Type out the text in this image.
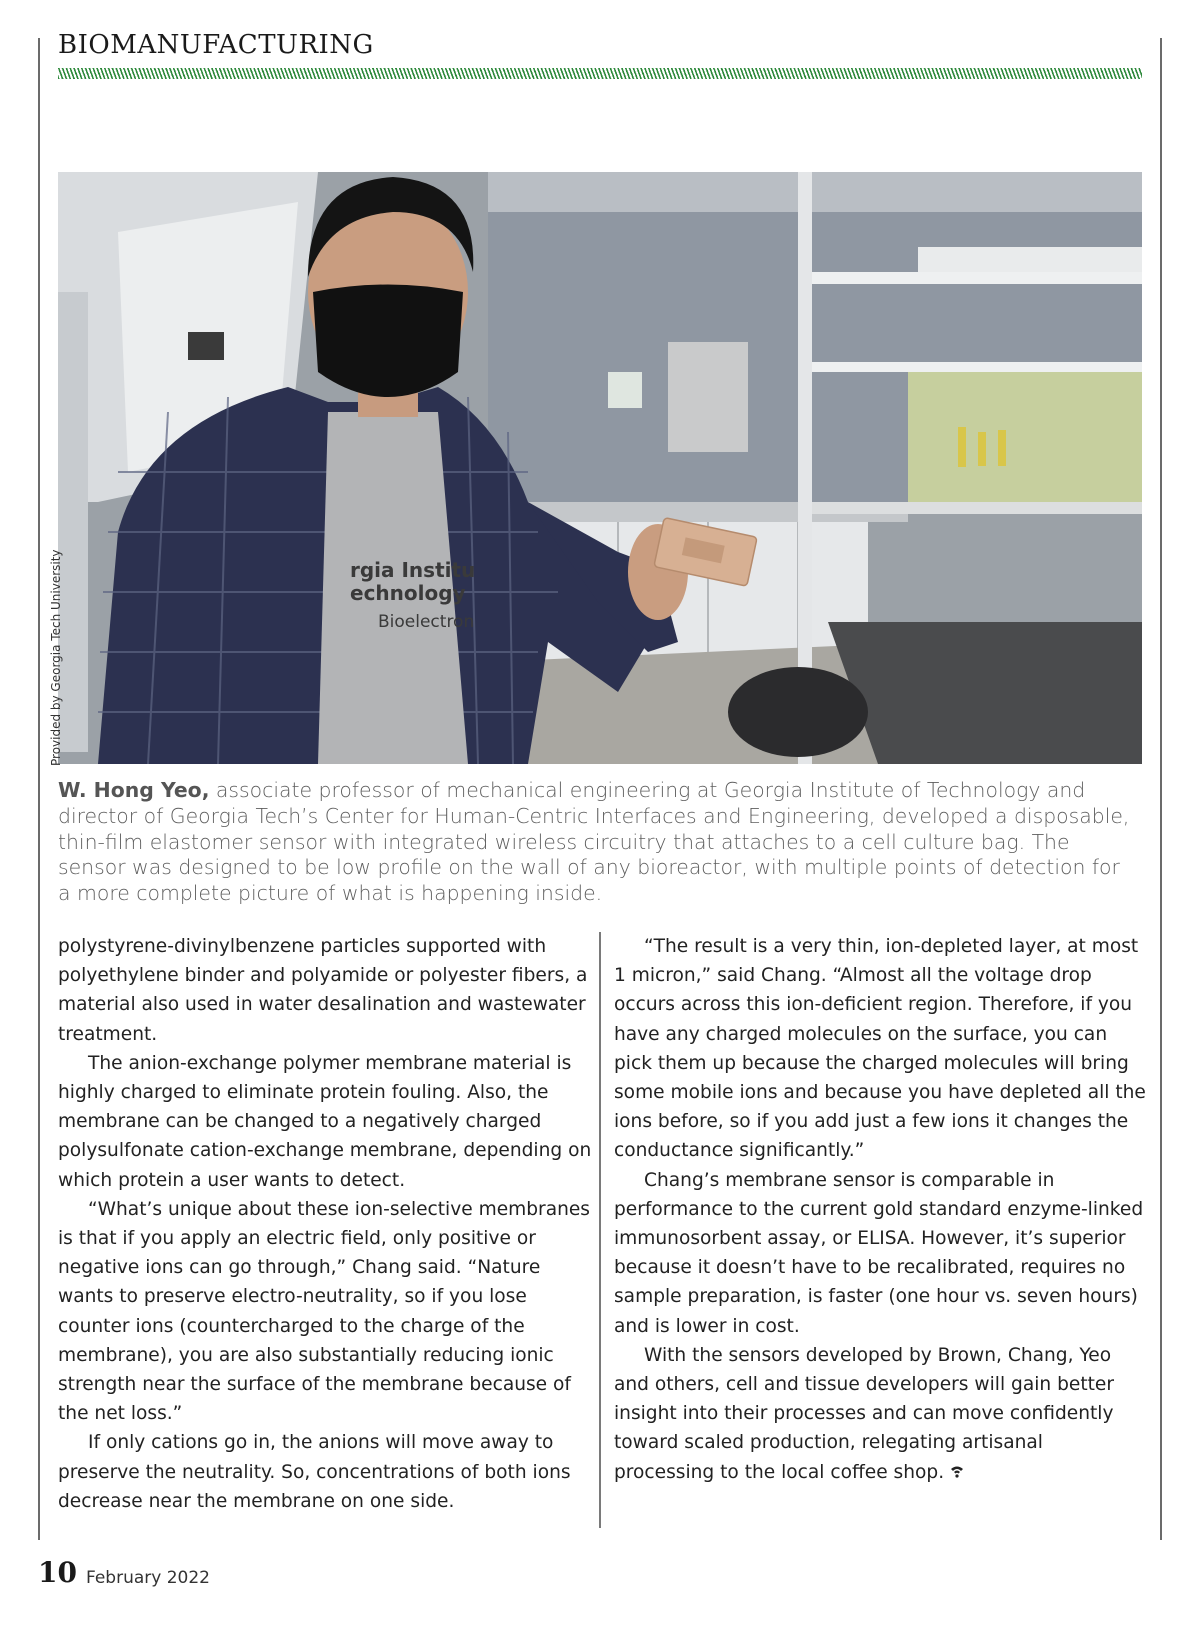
BIOMANUFACTURING
rgia Institu
echnology
Bioelectron
Provided by Georgia Tech University
W. Hong Yeo, associate professor of mechanical engineering at Georgia Institute of Technology and director of Georgia Tech’s Center for Human-Centric Interfaces and Engineering, developed a disposable, thin-film elastomer sensor with integrated wireless circuitry that attaches to a cell culture bag. The sensor was designed to be low profile on the wall of any bioreactor, with multiple points of detection for a more complete picture of what is happening inside.

polystyrene-divinylbenzene particles supported with polyethylene binder and polyamide or polyester fibers, a material also used in water desalination and wastewater treatment.

The anion-exchange polymer membrane material is highly charged to eliminate protein fouling. Also, the membrane can be changed to a negatively charged polysulfonate cation-exchange membrane, depending on which protein a user wants to detect.

“What’s unique about these ion-selective membranes is that if you apply an electric field, only positive or negative ions can go through,” Chang said. “Nature wants to preserve electro-neutrality, so if you lose counter ions (countercharged to the charge of the membrane), you are also substantially reducing ionic strength near the surface of the membrane because of the net loss.”

If only cations go in, the anions will move away to preserve the neutrality. So, concentrations of both ions decrease near the membrane on one side.

“The result is a very thin, ion-depleted layer, at most 1 micron,” said Chang. “Almost all the voltage drop occurs across this ion-deficient region. Therefore, if you have any charged molecules on the surface, you can pick them up because the charged molecules will bring some mobile ions and because you have depleted all the ions before, so if you add just a few ions it changes the conductance significantly.”

Chang’s membrane sensor is comparable in performance to the current gold standard enzyme-linked immunosorbent assay, or ELISA. However, it’s superior because it doesn’t have to be recalibrated, requires no sample preparation, is faster (one hour vs. seven hours) and is lower in cost.

With the sensors developed by Brown, Chang, Yeo and others, cell and tissue developers will gain better insight into their processes and can move confidently toward scaled production, relegating artisanal processing to the local coffee shop.

10 February 2022
